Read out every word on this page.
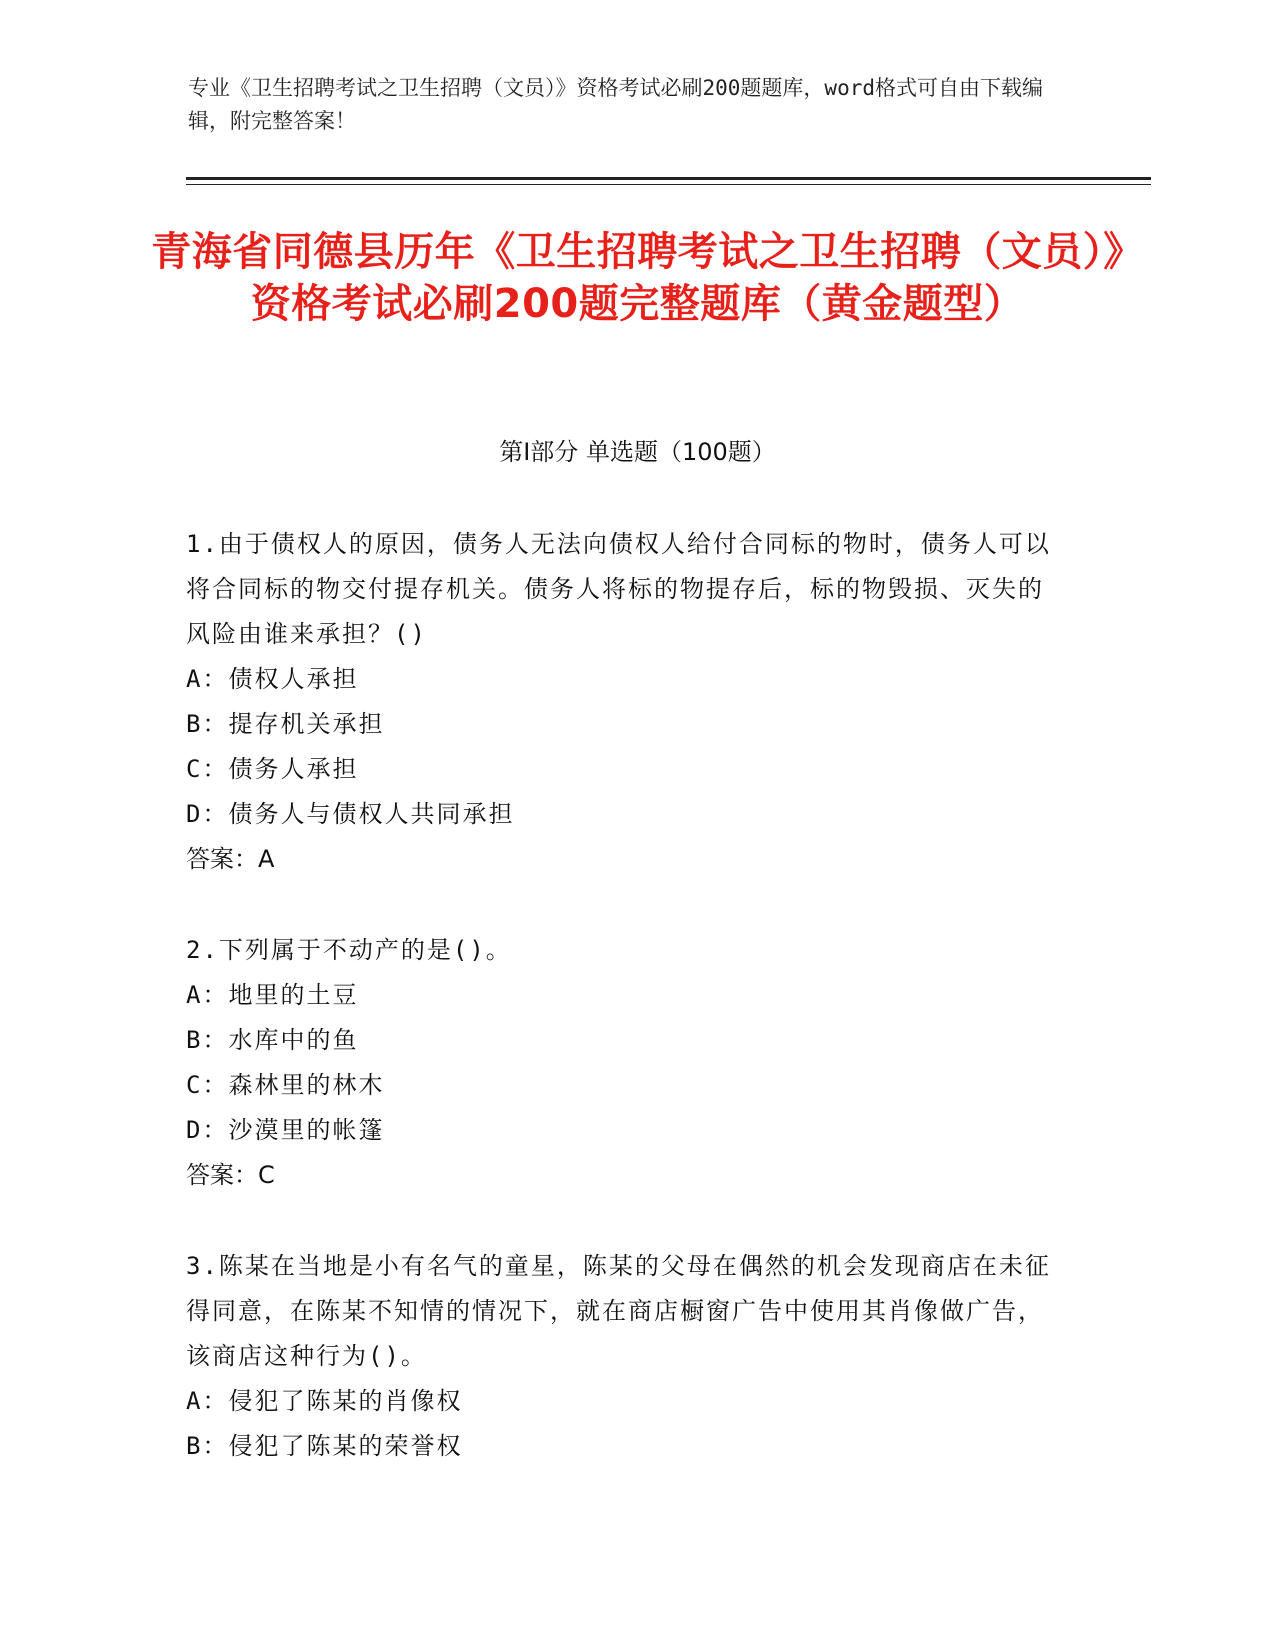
专业《卫生招聘考试之卫生招聘（文员）》资格考试必刷200题题库，word格式可自由下载编辑，附完整答案！

青海省同德县历年《卫生招聘考试之卫生招聘（文员）》资格考试必刷200题完整题库（黄金题型）
第I部分 单选题（100题）

1.由于债权人的原因，债务人无法向债权人给付合同标的物时，债务人可以将合同标的物交付提存机关。债务人将标的物提存后，标的物毁损、灭失的风险由谁来承担？()

A：债权人承担

B：提存机关承担

C：债务人承担

D：债务人与债权人共同承担

答案：A

2.下列属于不动产的是()。

A：地里的土豆

B：水库中的鱼

C：森林里的林木

D：沙漠里的帐篷

答案：C

3.陈某在当地是小有名气的童星，陈某的父母在偶然的机会发现商店在未征得同意，在陈某不知情的情况下，就在商店橱窗广告中使用其肖像做广告，该商店这种行为()。

A：侵犯了陈某的肖像权

B：侵犯了陈某的荣誉权
